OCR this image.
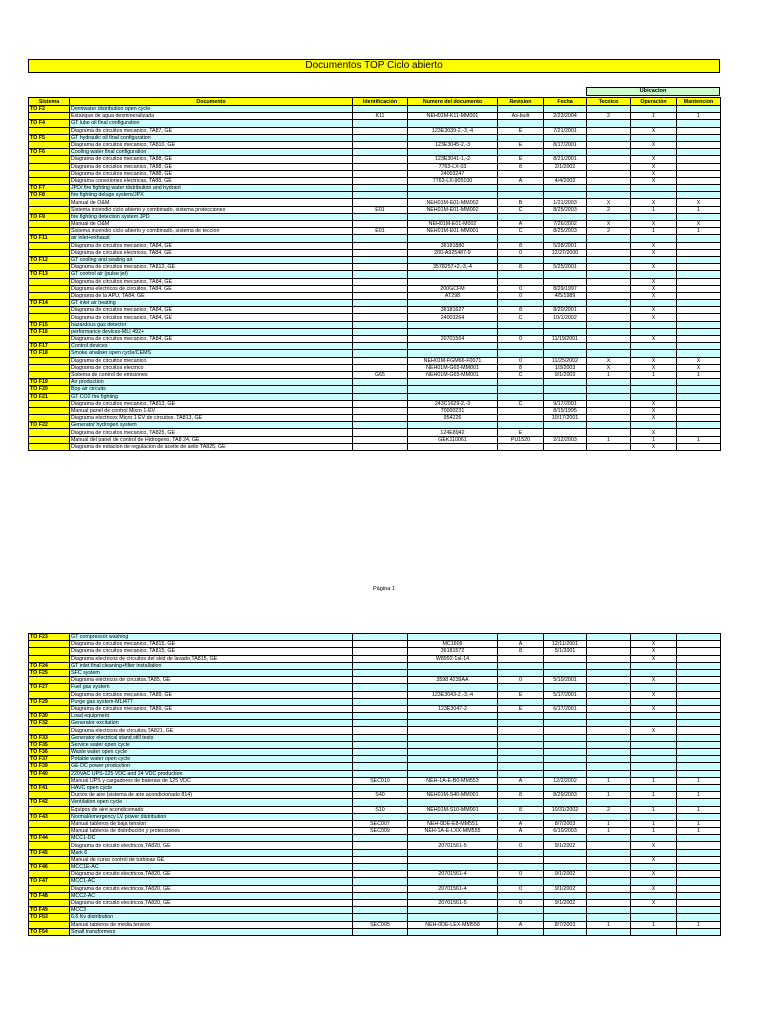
Documentos TOP Ciclo abierto
Ubicacion
Sistema	Documento	Identificación	Numero del documento	Revision	Fecha	Tecnico	Operación	Mantencion
TO F2	Demiwater distribution open cycle							
	Estanque de agua desmineralizada	K11	NEH01M-K11-MM001	As-built	2/23/2004	2	1	1
TO F4	GT lube oil final configuration							
	Diagrama de circuitos mecanico, TA87, GE		123E3039-2,-3,-4	E	7/21/2001		X	
TO F5	GT hydraulic oil final configuration							
	Diagrama de circuitos mecanico, TA810, GE		123E3045-2,-3	E	8/17/2001		X	
TO F6	Cooling water final configuration							
	Diagrama de circuitos mecanico, TA88, GE		123E3041-1,-2	E	8/21/2001		X	
	Diagrama de circuitos mecanico, TA88, GE		7763-LX-03	8	2/1/2002		X	
	Diagrama de circuitos mecanico, TA88, GE		24003247				X	
	Diagrama conexiones electricas, TA88, GE		7763-LX-905100	A	4/4/2002		X	
TO F7	JPD/ fire fighting water distribution and hydrant							
TO F8	fire fighting deluge system/JPX							
	Manual de O&M		NEH01M-E01-MM002	B	1/21/2003	X	X	X
	Sistema incendio ciclo abierto y combinado, sistema protecciones	E01	NEH01M-E01-MM002	C	8/25/2003	2	1	1
TO F9	fire fighting detection system JPD							
	Manual de O&M		NEH01M-E01-M002	A	7/26/2002	X	X	X
	Sistema incendio ciclo abierto y combinado, sistema de teccion	E01	NEH01M-E01-MM001	C	8/25/2003	2	1	1
TO F11	air inlet+exhaust							
	Diagrama de circuitos mecanico, TA84, GE		36181880	8	5/28/2001		X	
	Diagrama de circuitos electricos, TA84, GE		200-A925487-9	0	12/27/2000		X	
TO F12	GT cooling and sealing air							
	Diagrama de circuitos mecanico, TA812, GE		3578257+2,-3,-4	8	5/25/2001		X	
TO F13	GT control air (pulse jet)							
	Diagrama de circuitos mecanico, TA84, GE						X	
	Diagrama electricos de circuitos, TA84, GE		200GCFM	0	8/29/1997		X	
	Diagrama de la APU, TA84, GE		AT298	0	4/5/1989		X	
TO F14	GT inlet air heating							
	Diagrama de circuitos mecanico, TA84, GE		36181627	8	8/20/2001		X	
	Diagrama de circuitos mecanico, TA84, GE		24003264	C	10/1/2002		X	
TO F15	hazardous gas detector							
TO F16	performance devices-MLI 492+							
	Diagrama de circuitos mecanico, TA84, GE		20701564	0	11/19/2001		X	
TO F17	Control devices							
TO F18	Smoke analiser open cycle/CEMS							
	Diagrama de circuitos mecanico		NEH01M-FGM66-F0071	0	11/25/2002	X	X	X
	Diagrama de circuitos electrico		NEH01M-G65-MM001	8	1/3/2003	X	X	X
	Sistema de control de emisiones	G65	NEH01M-G65-MM001	C	9/1/2003	1	1	1
TO F19	Air production							
TO F20	Bop air circuits							
TO F21	GT CO2 fire fighting							
	Diagrama de circuitos mecanico, TA813, GE		243C1629-2,-3	C	9/17/2001		X	
	Manual panel de control Micro 1-EV		70000231		8/15/1995		X	
	Diagrama electricos Micro 1 EV de circuitos, TA813, GE		954226		10/17/2001		X	
TO F22	Generator hydrogen system							
	Diagrama de circuitos mecanico, TA825, GE		124E8942	E			X	
	Manual del panel de control de Hidrogeno, TA8 24, GE		GEK110061	PU1520	2/12/2003	1	1	1
	Diagrama de estacion de regulacion de aceite de sello TA825, GE						X	
Página 1
TO F23	GT compressor washing							
	Diagrama de circuitos mecanico, TA815, GE		MC1609	A	12/11/2001		X	
	Diagrama de circuitos mecanico, TA815, GE		36181572	8	5/1/2001		X	
	Diagrama electricos de circuitos del skid de lavado,TA815, GE		W8992-1al-14				X	
TO F24	GT inlet final cleaning+filter installation							
TO F25	SFC system							
	Diagrama electricos de circuitos,TA85, GE		3598 4239AA	0	5/10/2001		X	
TO F27	Fuel gas system							
	Diagrama de circuitos mecanico, TA89, GE		123E3043-2,-3,-4	E	5/17/2001		X	
TO F29	Purge gas system-MLI477							
	Diagrama de circuitos mecanico, TA89, GE		123E3047-2	E	6/17/2001		X	
TO F30	Load equipment							
TO F32	Generator excitation							
	Diagrama electricos de circuitos,TA821, GE						X	
TO F33	Generator electrical stand still tests							
TO F35	Service water open cycle							
TO F36	Waste water open cycle							
TO F37	Potable water open cycle							
TO F39	GE DC power production							
TO F40	220VAC UPS-125 VDC and 24 VDC production							
	Manual UPS y cargadores de baterias de 125 VDC	SEC010	NEH-1A-E-B0-MM553	A	12/2/2002	1	1	1
TO F41	HAVC open cycle							
	Ductos de aire (sistema de aire acondicionado 814)	S40	NEH01M-S40-MM001	8	8/29/2003	1	1	1
TO F42	Ventilation open cycle							
	Equipos de aire acondicionado	S10	NEH01M-S10-MM001	8	10/31/2002	2	1	1
TO F43	Normal/emergency LV power distribution							
	Manual tableros de baja tension	SEC007	NEH-0DE-E8-MM551	A	8/7/2003	1	1	1
	Manual tableros de distribución y protecciones	SEC009	NEH-1A-E-LXX-MM555	A	6/10/2003	1	1	1
TO F44	MCC1-DC							
	Diagrama de circuito electricos,TA820, GE		20701561-5	0	9/1/2002		X	
TO F45	Mark 6							
	Manual de curso control de turbinas GE						X	
TO F46	MCC1E-AC							
	Diagrama de circuito electricos,TA820, GE		20701561-4	0	9/1/2002		X	
TO F47	MCC1-AC							
	Diagrama de circuito electricos,TA820, GE		20701561-4	0	9/1/2002		X	
TO F48	MCC2-AC							
	Diagrama de circuito electricos,TA820, GE		20701561-5	0	9/1/2002		X	
TO F49	MCC3							
TO F53	6,6 Kv distribution							
	Manual tableros de media tension	SEC005	NEH-0DE-LEX-MM550	A	8/7/2003	1	1	1
TO F54	Small transformers							
